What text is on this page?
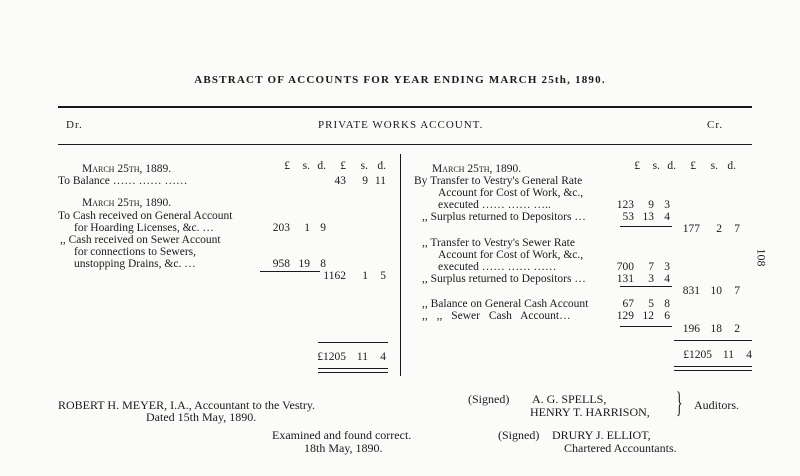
ABSTRACT OF ACCOUNTS FOR YEAR ENDING MARCH 25th, 1890.
Dr.	PRIVATE WORKS ACCOUNT.	Cr.
£ s. d. £ s. d.
March 25th, 1889.
To Balance …… …… ……	43 9 11
March 25th, 1890.
To Cash received on General Account
for Hoarding Licenses, &c. …	203 1 9
,, Cash received on Sewer Account
for connections to Sewers,
unstopping Drains, &c. …	958 19 8
1162 1 5
£1205 11 4
£ s. d. £ s. d.
March 25th, 1890.
By Transfer to Vestry's General Rate
Account for Cost of Work, &c.,
executed …… …… …..	123 9 3
,, Surplus returned to Depositors …	53 13 4
177 2 7
,, Transfer to Vestry's Sewer Rate
Account for Cost of Work, &c.,
executed …… …… ……	700 7 3
,, Surplus returned to Depositors …	131 3 4
831 10 7
,, Balance on General Cash Account	67 5 8
,, ,, Sewer Cash Account…	129 12 6
196 18 2
£1205 11 4
108
ROBERT H. MEYER, I.A., Accountant to the Vestry.
Dated 15th May, 1890.
(Signed) A. G. SPELLS,
HENRY T. HARRISON, } Auditors.
Examined and found correct.
18th May, 1890.
(Signed) DRURY J. ELLIOT,
Chartered Accountants.
